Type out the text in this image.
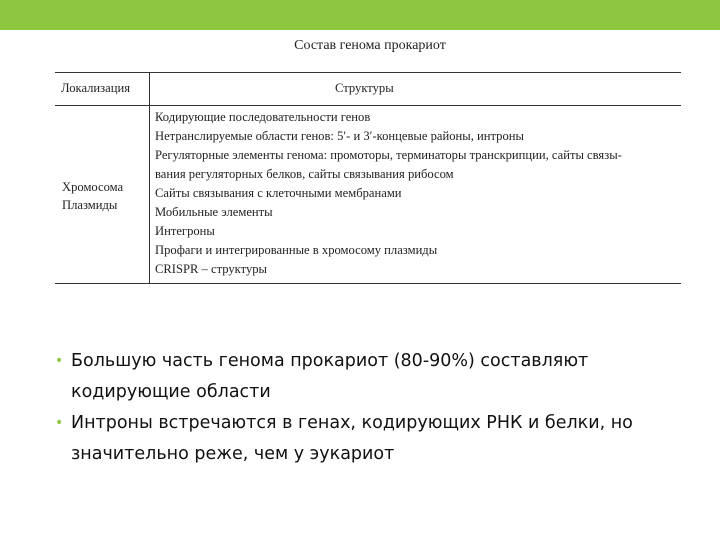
Состав генома прокариот
Локализация	Структуры
Хромосома
Плазмиды
Кодирующие последовательности генов
Нетранслируемые области генов: 5′- и 3′-концевые районы, интроны
Регуляторные элементы генома: промоторы, терминаторы транскрипции, сайты связы-
вания регуляторных белков, сайты связывания рибосом
Сайты связывания с клеточными мембранами
Мобильные элементы
Интегроны
Профаги и интегрированные в хромосому плазмиды
CRISPR – структуры
• Большую часть генома прокариот (80-90%) составляют
кодирующие области
• Интроны встречаются в генах, кодирующих РНК и белки, но
значительно реже, чем у эукариот
